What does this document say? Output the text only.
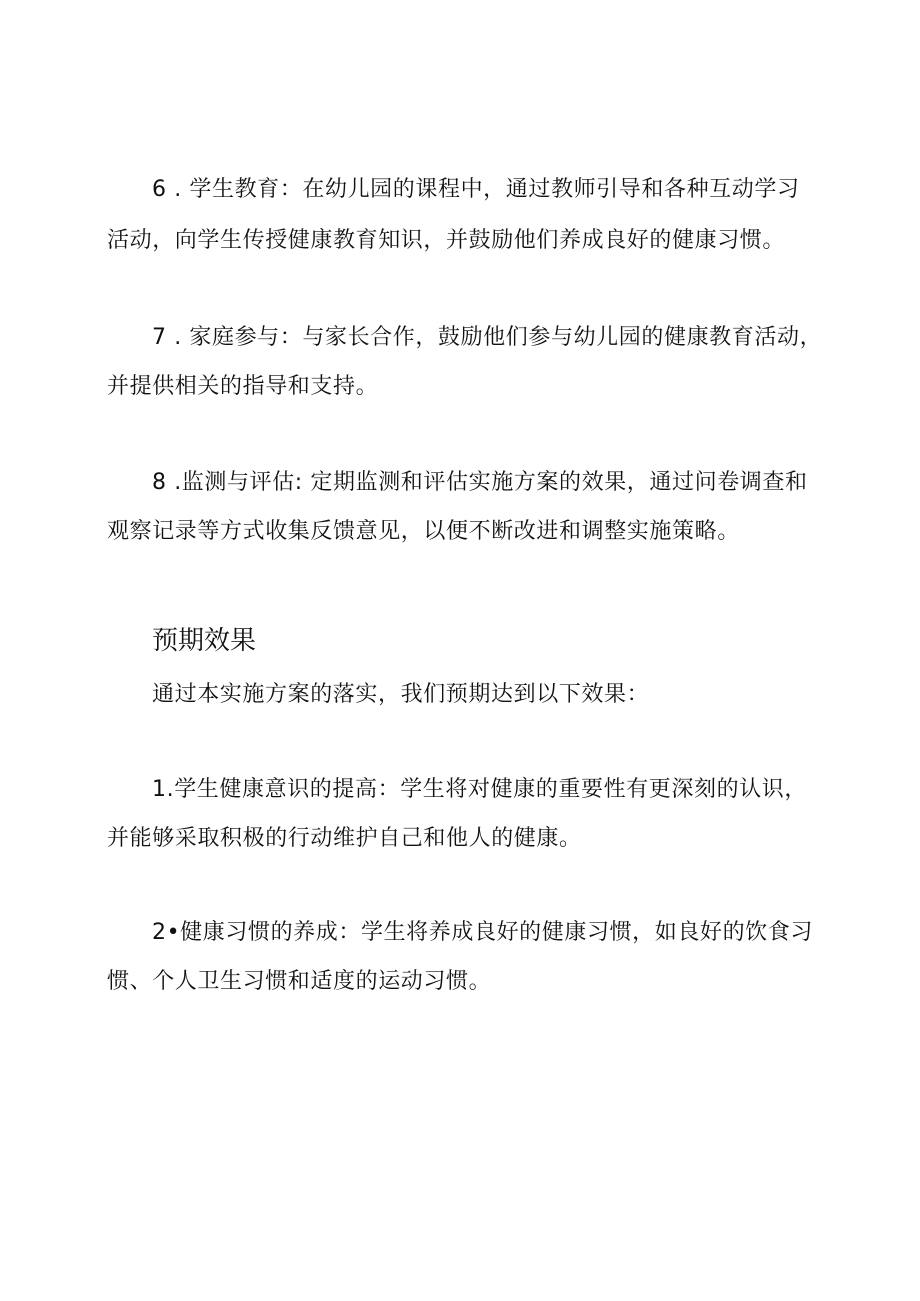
6 . 学生教育：在幼儿园的课程中，通过教师引导和各种互动学习
活动，向学生传授健康教育知识，并鼓励他们养成良好的健康习惯。
7 . 家庭参与：与家长合作，鼓励他们参与幼儿园的健康教育活动，
并提供相关的指导和支持。
8 .监测与评估: 定期监测和评估实施方案的效果，通过问卷调查和
观察记录等方式收集反馈意见，以便不断改进和调整实施策略。
预期效果
通过本实施方案的落实，我们预期达到以下效果：
1.学生健康意识的提高：学生将对健康的重要性有更深刻的认识，
并能够采取积极的行动维护自己和他人的健康。
2•健康习惯的养成：学生将养成良好的健康习惯，如良好的饮食习
惯、个人卫生习惯和适度的运动习惯。
